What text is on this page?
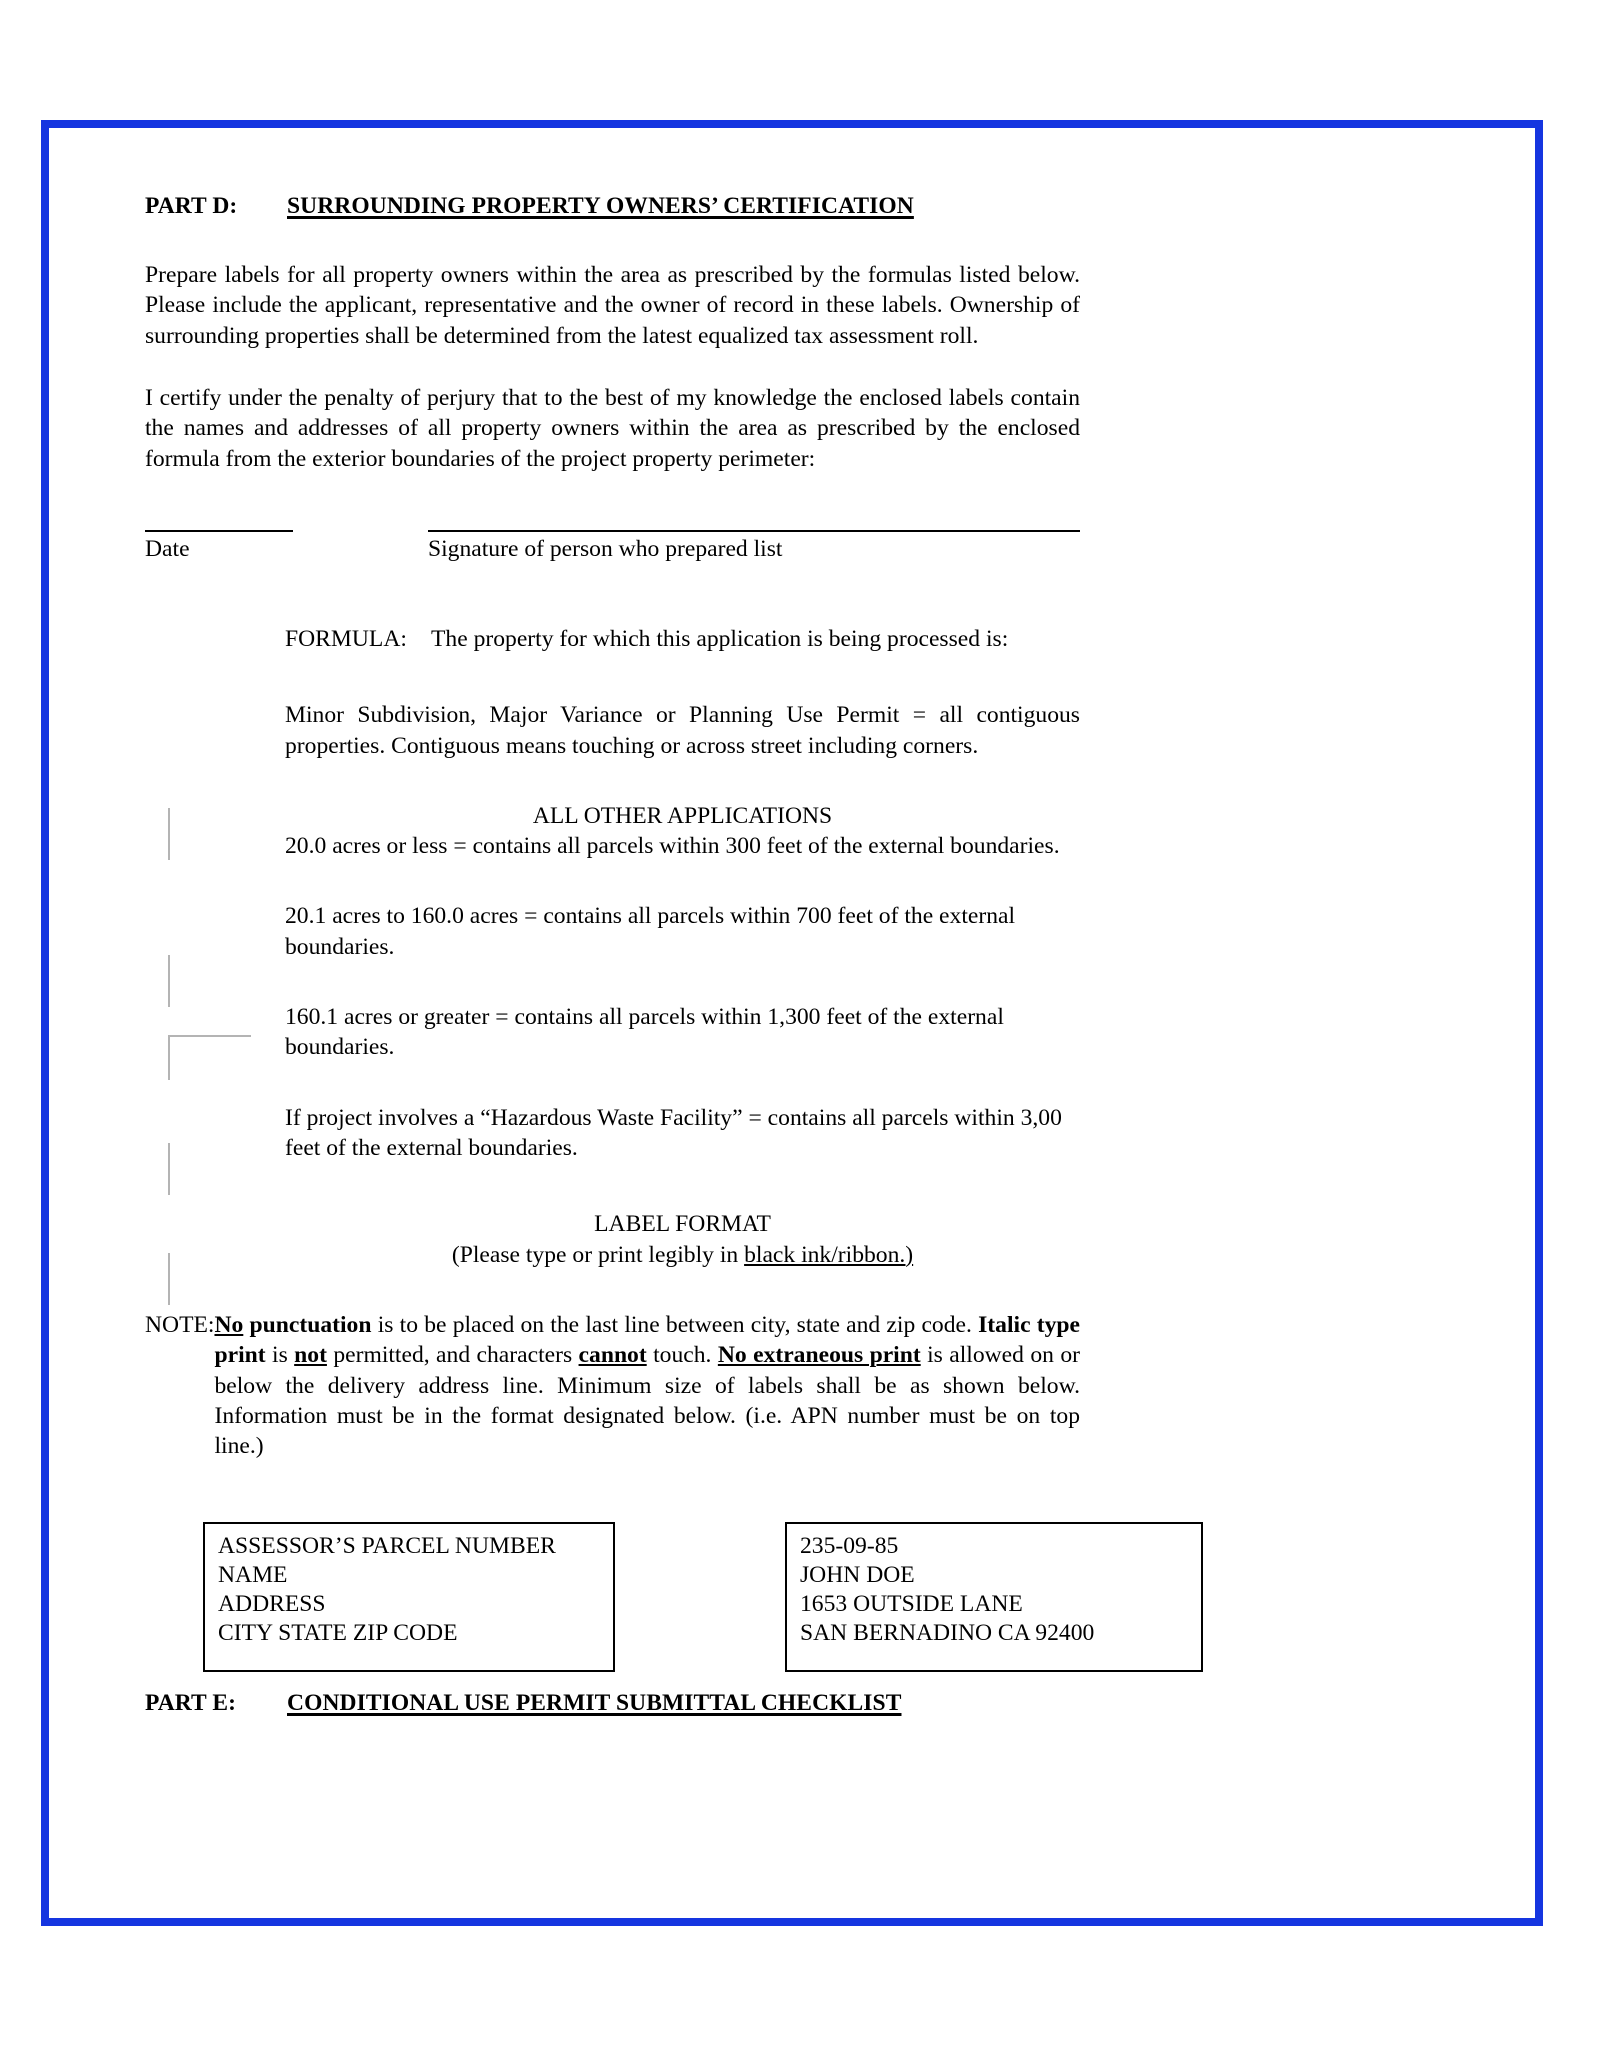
PART D:	SURROUNDING PROPERTY OWNERS’ CERTIFICATION

Prepare labels for all property owners within the area as prescribed by the formulas listed below. Please include the applicant, representative and the owner of record in these labels. Ownership of surrounding properties shall be determined from the latest equalized tax assessment roll.

I certify under the penalty of perjury that to the best of my knowledge the enclosed labels contain the names and addresses of all property owners within the area as prescribed by the enclosed formula from the exterior boundaries of the project property perimeter:

Date	Signature of person who prepared list
FORMULA: The property for which this application is being processed is:

Minor Subdivision, Major Variance or Planning Use Permit = all contiguous properties. Contiguous means touching or across street including corners.

ALL OTHER APPLICATIONS
20.0 acres or less = contains all parcels within 300 feet of the external boundaries.
20.1 acres to 160.0 acres = contains all parcels within 700 feet of the external boundaries.
160.1 acres or greater = contains all parcels within 1,300 feet of the external boundaries.
If project involves a “Hazardous Waste Facility” = contains all parcels within 3,00 feet of the external boundaries.
LABEL FORMAT
(Please type or print legibly in black ink/ribbon.)
NOTE: No punctuation is to be placed on the last line between city, state and zip code. Italic type print is not permitted, and characters cannot touch. No extraneous print is allowed on or below the delivery address line. Minimum size of labels shall be as shown below. Information must be in the format designated below. (i.e. APN number must be on top line.)
ASSESSOR’S PARCEL NUMBER
NAME
ADDRESS
CITY STATE ZIP CODE
235-09-85
JOHN DOE
1653 OUTSIDE LANE
SAN BERNADINO CA 92400
PART E:	CONDITIONAL USE PERMIT SUBMITTAL CHECKLIST
